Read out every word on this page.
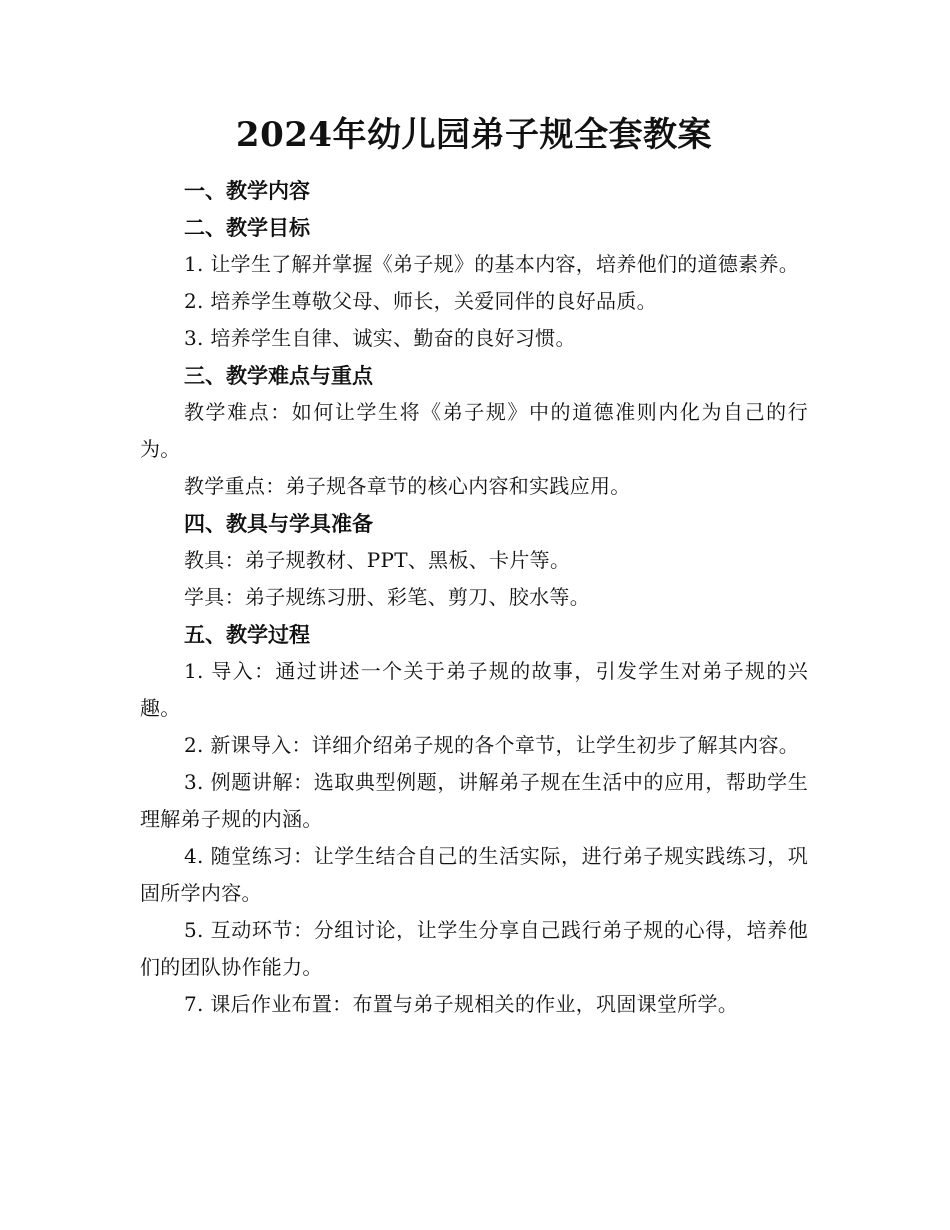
2024年幼儿园弟子规全套教案

一、教学内容

二、教学目标

1. 让学生了解并掌握《弟子规》的基本内容，培养他们的道德素养。

2. 培养学生尊敬父母、师长，关爱同伴的良好品质。

3. 培养学生自律、诚实、勤奋的良好习惯。

三、教学难点与重点

教学难点：如何让学生将《弟子规》中的道德准则内化为自己的行为。

教学重点：弟子规各章节的核心内容和实践应用。

四、教具与学具准备

教具：弟子规教材、PPT、黑板、卡片等。

学具：弟子规练习册、彩笔、剪刀、胶水等。

五、教学过程

1. 导入：通过讲述一个关于弟子规的故事，引发学生对弟子规的兴趣。

2. 新课导入：详细介绍弟子规的各个章节，让学生初步了解其内容。

3. 例题讲解：选取典型例题，讲解弟子规在生活中的应用，帮助学生理解弟子规的内涵。

4. 随堂练习：让学生结合自己的生活实际，进行弟子规实践练习，巩固所学内容。

5. 互动环节：分组讨论，让学生分享自己践行弟子规的心得，培养他们的团队协作能力。

7. 课后作业布置：布置与弟子规相关的作业，巩固课堂所学。
